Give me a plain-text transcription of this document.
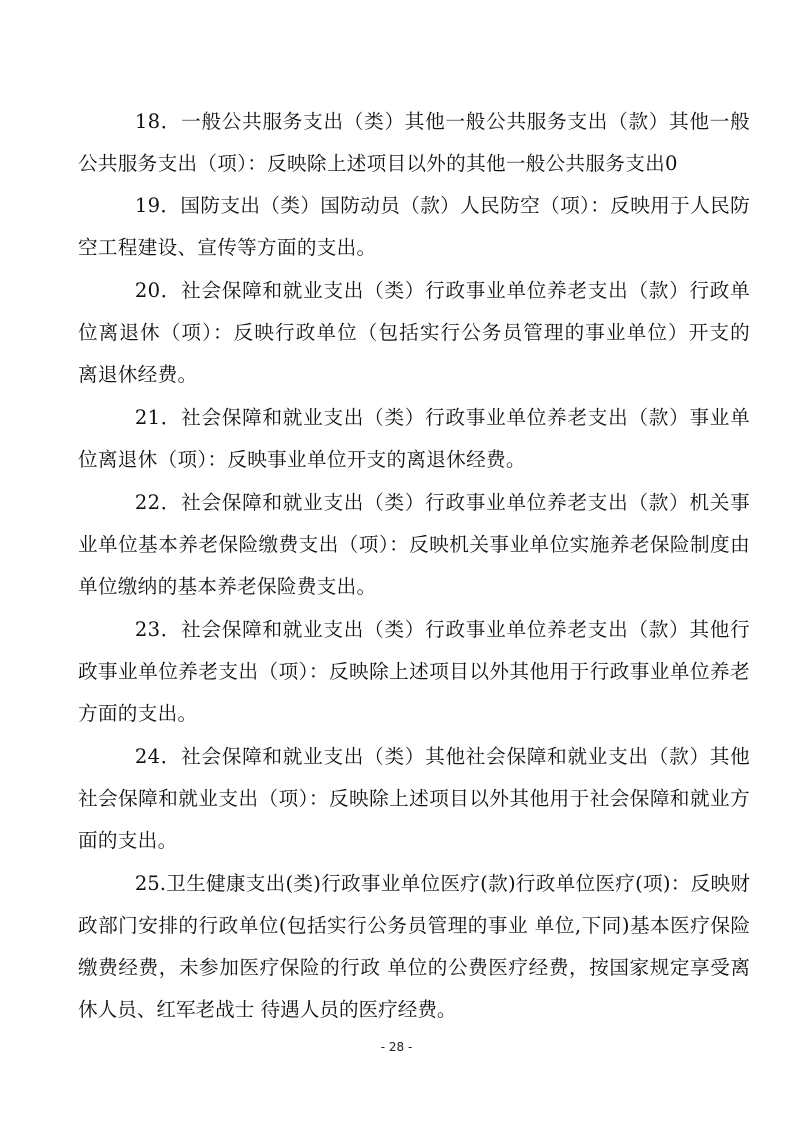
18．一般公共服务支出（类）其他一般公共服务支出（款）其他一般公共服务支出（项）：反映除上述项目以外的其他一般公共服务支出0

19．国防支出（类）国防动员（款）人民防空（项）：反映用于人民防空工程建设、宣传等方面的支出。

20．社会保障和就业支出（类）行政事业单位养老支出（款）行政单位离退休（项）：反映行政单位（包括实行公务员管理的事业单位）开支的 离退休经费。

21．社会保障和就业支出（类）行政事业单位养老支出（款）事业单位离退休（项）：反映事业单位开支的离退休经费。

22．社会保障和就业支出（类）行政事业单位养老支出（款）机关事业单位基本养老保险缴费支出（项）：反映机关事业单位实施养老保险制度由单位缴纳的基本养老保险费支出。

23．社会保障和就业支出（类）行政事业单位养老支出（款）其他行政事业单位养老支出（项）：反映除上述项目以外其他用于行政事业单位养老方面的支出。

24．社会保障和就业支出（类）其他社会保障和就业支出（款）其他社会保障和就业支出（项）：反映除上述项目以外其他用于社会保障和就业方面的支出。

25.卫生健康支出(类)行政事业单位医疗(款)行政单位医疗(项)：反映财政部门安排的行政单位(包括实行公务员管理的事业 单位,下同)基本医疗保险缴费经费，未参加医疗保险的行政 单位的公费医疗经费，按国家规定享受离休人员、红军老战士 待遇人员的医疗经费。

- 28 -
